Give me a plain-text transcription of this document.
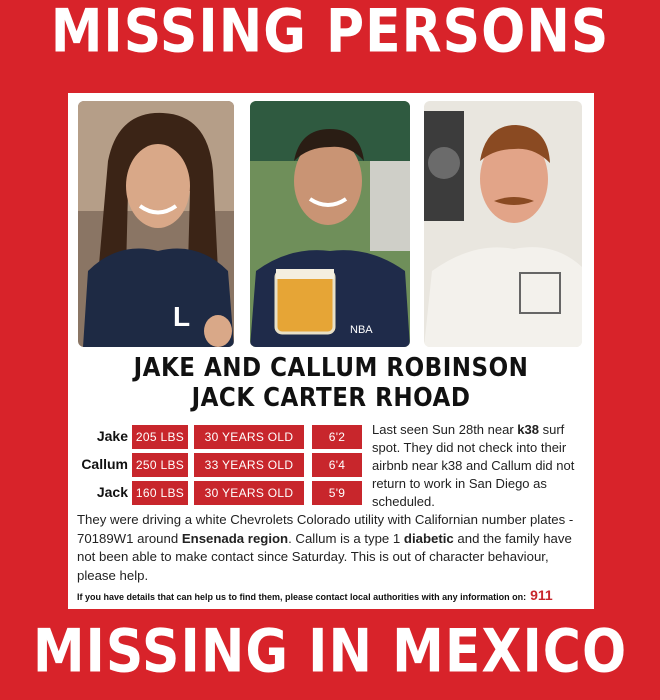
MISSING PERSONS
L	NBA
JAKE AND CALLUM ROBINSON
JACK CARTER RHOAD
Jake 205 LBS	30 YEARS OLD	6'2
Callum 250 LBS	33 YEARS OLD	6'4
Jack 160 LBS	30 YEARS OLD	5'9
Last seen Sun 28th near k38 surf spot. They did not check into their airbnb near k38 and Callum did not return to work in San Diego as scheduled.
They were driving a white Chevrolets Colorado utility with Californian number plates - 70189W1 around Ensenada region. Callum is a type 1 diabetic and the family have not been able to make contact since Saturday. This is out of character behaviour, please help.
If you have details that can help us to find them, please contact local authorities with any information on: 911
MISSING IN MEXICO
